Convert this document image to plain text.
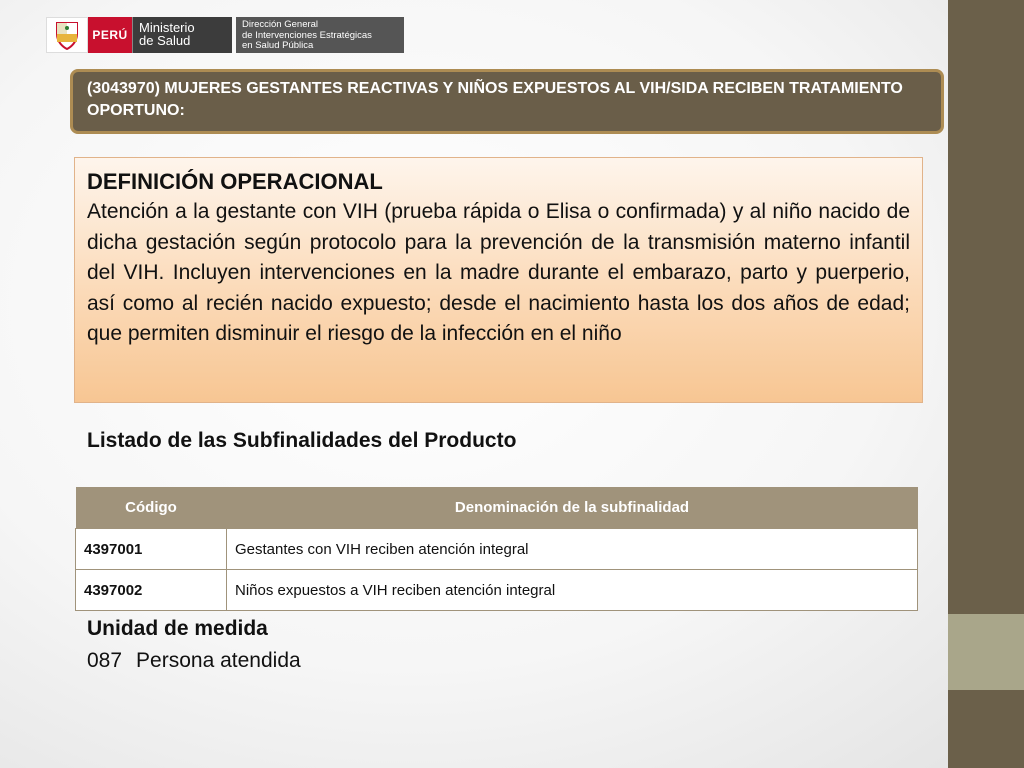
PERÚ Ministerio
de Salud
Dirección General
de Intervenciones Estratégicas
en Salud Pública
(3043970) MUJERES GESTANTES REACTIVAS Y NIÑOS EXPUESTOS AL VIH/SIDA RECIBEN TRATAMIENTO OPORTUNO:
DEFINICIÓN OPERACIONAL
Atención a la gestante con VIH (prueba rápida o Elisa o confirmada) y al niño nacido de dicha gestación según protocolo para la prevención de la transmisión materno infantil del VIH. Incluyen intervenciones en la madre durante el embarazo, parto y puerperio, así como al recién nacido expuesto; desde el nacimiento hasta los dos años de edad; que permiten disminuir el riesgo de la infección en el niño
Listado de las Subfinalidades del Producto
Código	Denominación de la subfinalidad
4397001	Gestantes con VIH reciben atención integral
4397002	Niños expuestos a VIH reciben atención integral
Unidad de medida
087 Persona atendida
